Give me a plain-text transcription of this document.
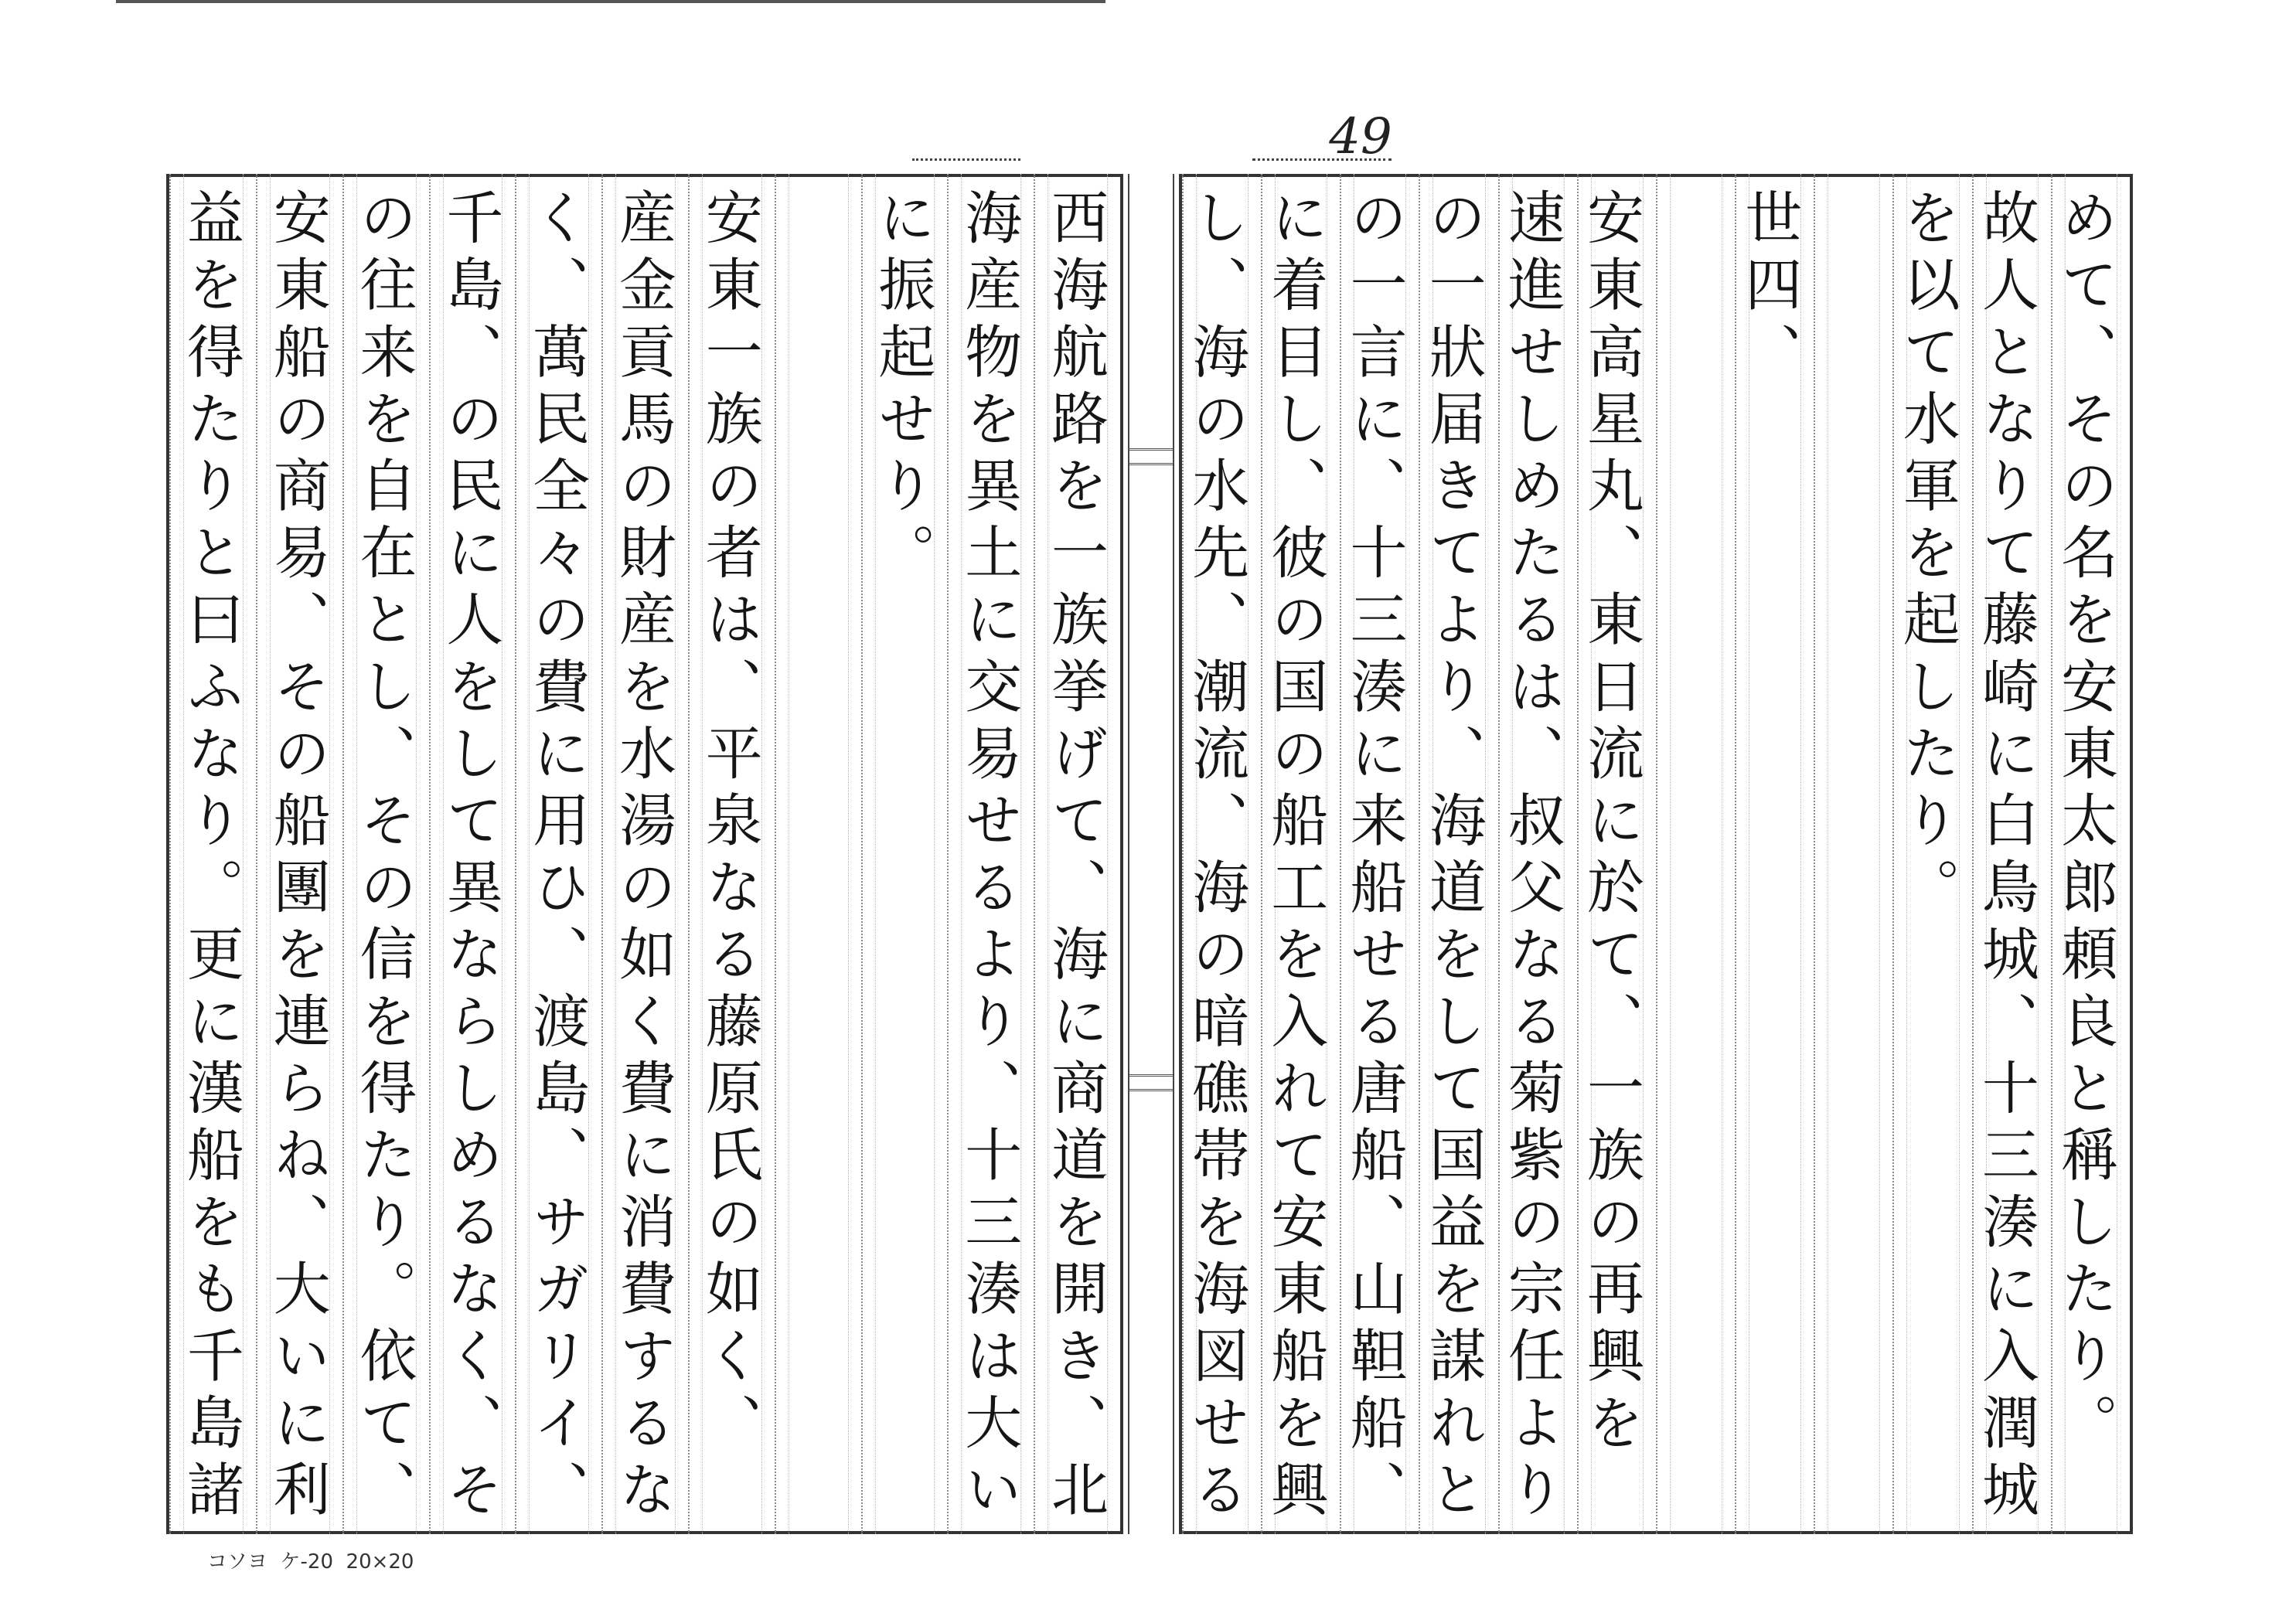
49
めて、その名を安東太郎頼良と稱したり。
故人となりて藤崎に白鳥城、十三湊に入潤城
を以て水軍を起したり。
世四、
安東高星丸、東日流に於て、一族の再興を
速進せしめたるは、叔父なる菊紫の宗任より
の一狀届きてより、海道をして国益を謀れと
の一言に、十三湊に来船せる唐船、山靼船、
に着目し、彼の国の船工を入れて安東船を興
し、海の水先、潮流、海の暗礁帯を海図せる
西海航路を一族挙げて、海に商道を開き、北
海産物を異土に交易せるより、十三湊は大い
に振起せり。
安東一族の者は、平泉なる藤原氏の如く、
産金貢馬の財産を水湯の如く費に消費するな
く、萬民全々の費に用ひ、渡島、サガリイ、
千島、の民に人をして異ならしめるなく、そ
の往来を自在とし、その信を得たり。依て、
安東船の商易、その船團を連らね、大いに利
益を得たりと曰ふなり。更に漢船をも千島諸
コソヨ  ケ-20  20×20
